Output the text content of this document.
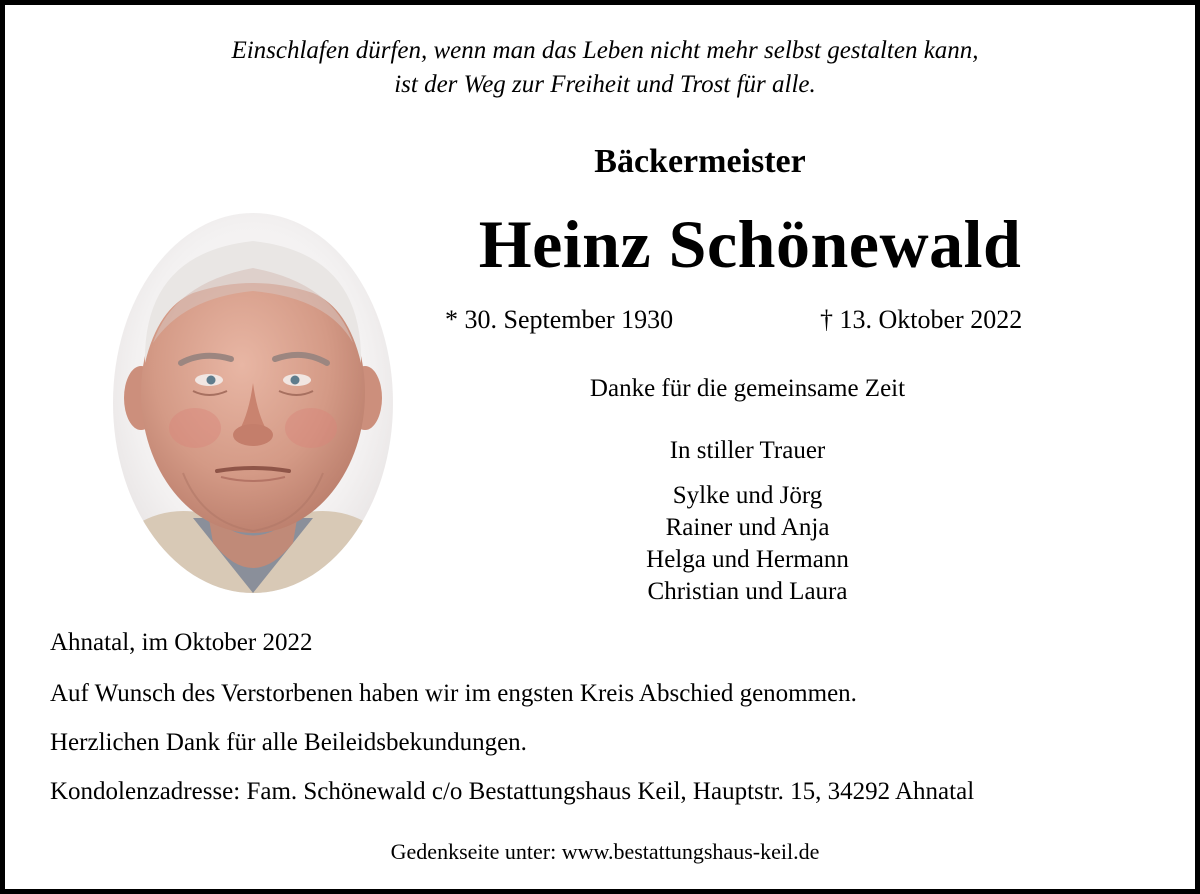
Einschlafen dürfen, wenn man das Leben nicht mehr selbst gestalten kann,
ist der Weg zur Freiheit und Trost für alle.
Bäckermeister
Heinz Schönewald
* 30. September 1930	† 13. Oktober 2022
Danke für die gemeinsame Zeit
In stiller Trauer
Sylke und Jörg
Rainer und Anja
Helga und Hermann
Christian und Laura
Ahnatal, im Oktober 2022
Auf Wunsch des Verstorbenen haben wir im engsten Kreis Abschied genommen.
Herzlichen Dank für alle Beileidsbekundungen.
Kondolenzadresse: Fam. Schönewald c/o Bestattungshaus Keil, Hauptstr. 15, 34292 Ahnatal
Gedenkseite unter: www.bestattungshaus-keil.de
